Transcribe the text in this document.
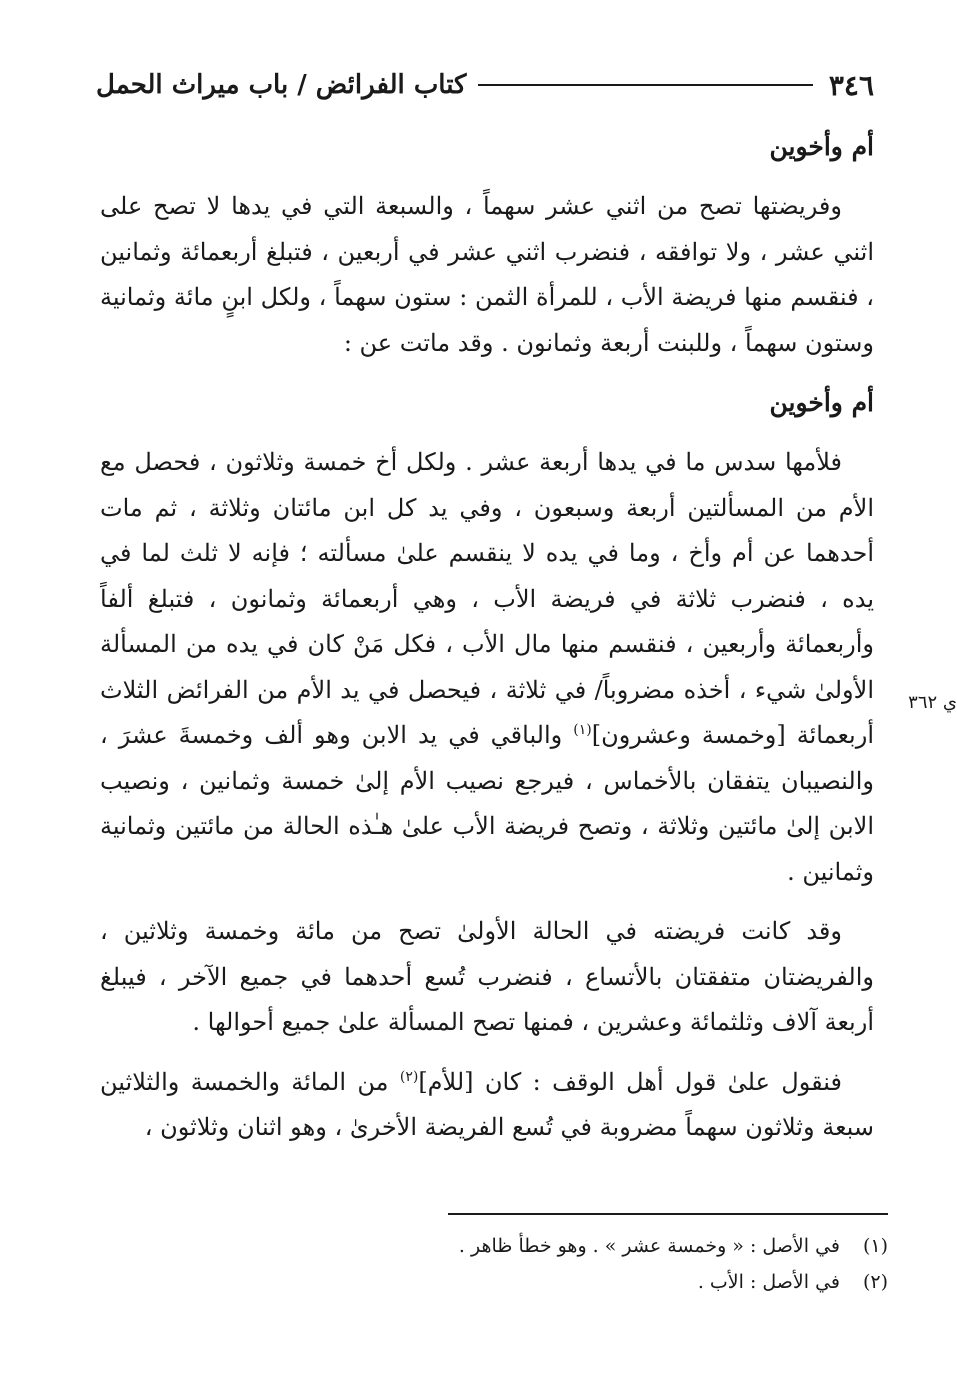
٣٤٦
كتاب الفرائض / باب ميراث الحمل
أم وأخوين

وفريضتها تصح من اثني عشر سهماً ، والسبعة التي في يدها لا تصح على اثني عشر ، ولا توافقه ، فنضرب اثني عشر في أربعين ، فتبلغ أربعمائة وثمانين ، فنقسم منها فريضة الأب ، للمرأة الثمن : ستون سهماً ، ولكل ابنٍ مائة وثمانية وستون سهماً ، وللبنت أربعة وثمانون . وقد ماتت عن :

أم وأخوين

فلأمها سدس ما في يدها أربعة عشر . ولكل أخ خمسة وثلاثون ، فحصل مع الأم من المسألتين أربعة وسبعون ، وفي يد كل ابن مائتان وثلاثة ، ثم مات أحدهما عن أم وأخ ، وما في يده لا ينقسم علىٰ مسألته ؛ فإنه لا ثلث لما في يده ، فنضرب ثلاثة في فريضة الأب ، وهي أربعمائة وثمانون ، فتبلغ ألفاً وأربعمائة وأربعين ، فنقسم منها مال الأب ، فكل مَنْ كان في يده من المسألة الأولىٰ شيء ، أخذه مضروباً/ في ثلاثة ، فيحصل في يد الأم من الفرائض الثلاث أربعمائة [وخمسة وعشرون]$^{(١)}$ والباقي في يد الابن وهو ألف وخمسةَ عشرَ ، والنصيبان يتفقان بالأخماس ، فيرجع نصيب الأم إلىٰ خمسة وثمانين ، ونصيب الابن إلىٰ مائتين وثلاثة ، وتصح فريضة الأب علىٰ هـٰذه الحالة من مائتين وثمانية وثمانين .

وقد كانت فريضته في الحالة الأولىٰ تصح من مائة وخمسة وثلاثين ، والفريضتان متفقتان بالأتساع ، فنضرب تُسع أحدهما في جميع الآخر ، فيبلغ أربعة آلاف وثلثمائة وعشرين ، فمنها تصح المسألة علىٰ جميع أحوالها .

فنقول علىٰ قول أهل الوقف : كان [للأم]$^{(٢)}$ من المائة والخمسة والثلاثين سبعة وثلاثون سهماً مضروبة في تُسع الفريضة الأخرىٰ ، وهو اثنان وثلاثون ،

ي ٣٦٢

(١)في الأصل : « وخمسة عشر » . وهو خطأ ظاهر .

(٢)في الأصل : الأب .
